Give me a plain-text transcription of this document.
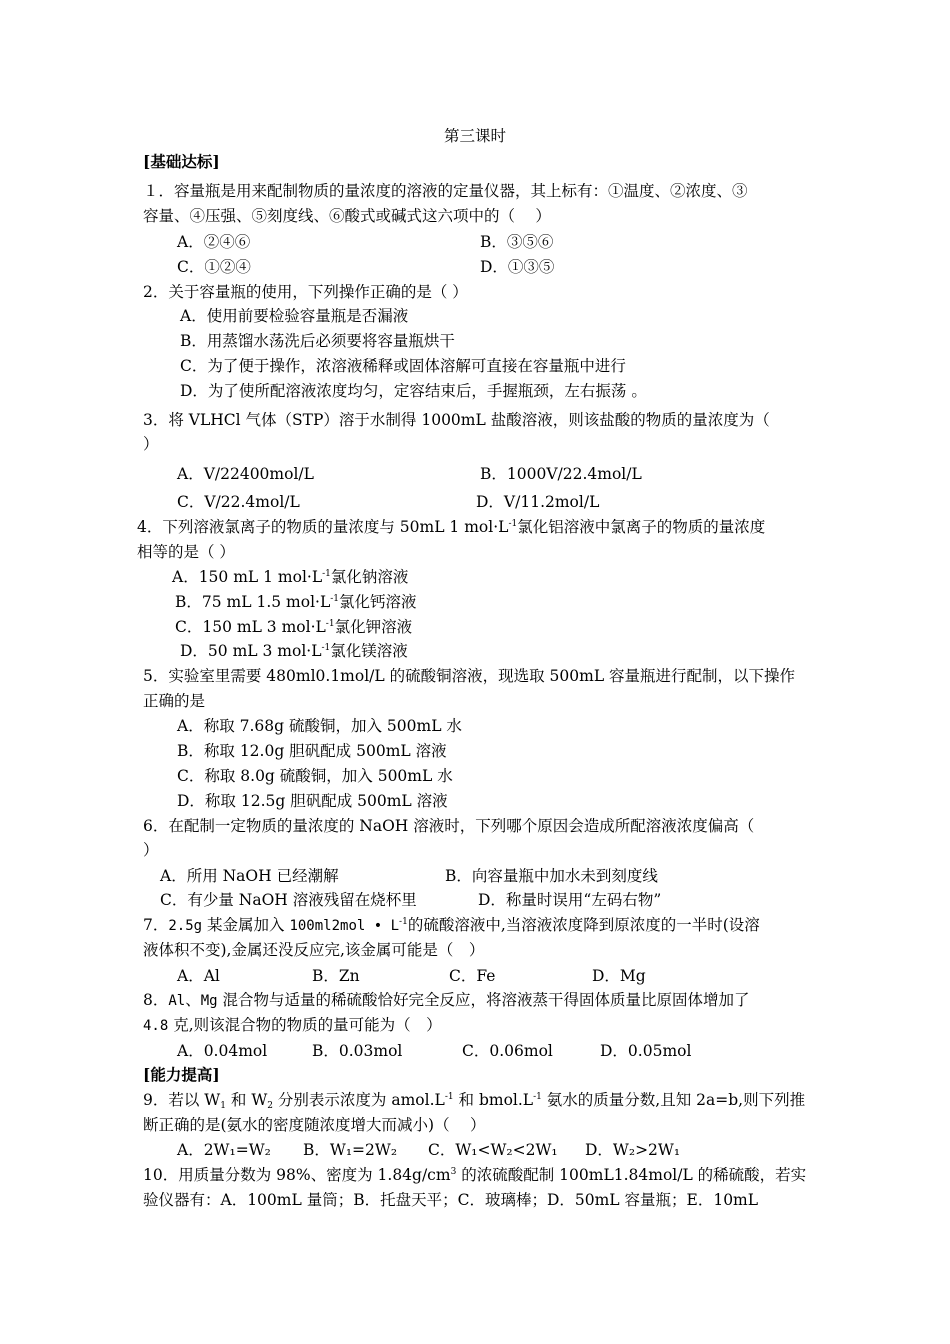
第三课时
[基础达标]
１．容量瓶是用来配制物质的量浓度的溶液的定量仪器，其上标有：①温度、②浓度、③
容量、④压强、⑤刻度线、⑥酸式或碱式这六项中的（　 ）
A．②④⑥	B．③⑤⑥
C．①②④	D．①③⑤
2．关于容量瓶的使用，下列操作正确的是（ ）
A．使用前要检验容量瓶是否漏液
B．用蒸馏水荡洗后必须要将容量瓶烘干
C．为了便于操作，浓溶液稀释或固体溶解可直接在容量瓶中进行
D．为了使所配溶液浓度均匀，定容结束后，手握瓶颈，左右振荡 。
3．将 VLHCl 气体（STP）溶于水制得 1000mL 盐酸溶液，则该盐酸的物质的量浓度为（
）
A．V/22400mol/L	B．1000V/22.4mol/L
C．V/22.4mol/L	D．V/11.2mol/L
4．下列溶液氯离子的物质的量浓度与 50mL 1 $mol\cdot L^{-1}$氯化铝溶液中氯离子的物质的量浓度
相等的是（ ）
A．150 mL 1 $mol\cdot L^{-1}$氯化钠溶液
B．75 mL 1.5 $mol\cdot L^{-1}$氯化钙溶液
C．150 mL 3 $mol\cdot L^{-1}$氯化钾溶液
D．50 mL 3 $mol\cdot L^{-1}$氯化镁溶液
5．实验室里需要 480ml0.1mol/L 的硫酸铜溶液，现选取 500mL 容量瓶进行配制，以下操作
正确的是
A．称取 7.68g 硫酸铜，加入 500mL 水
B．称取 12.0g 胆矾配成 500mL 溶液
C．称取 8.0g 硫酸铜，加入 500mL 水
D．称取 12.5g 胆矾配成 500mL 溶液
6．在配制一定物质的量浓度的 NaOH 溶液时，下列哪个原因会造成所配溶液浓度偏高（
）
A．所用 NaOH 已经潮解	B．向容量瓶中加水未到刻度线
C．有少量 NaOH 溶液残留在烧杯里	D．称量时误用“左码右物”
7．2.5g 某金属加入 100ml2mol • $L^{-1}$的硫酸溶液中,当溶液浓度降到原浓度的一半时(设溶
液体积不变),金属还没反应完,该金属可能是（　）
A．Al	B．Zn	C．Fe	D．Mg
8．Al、Mg 混合物与适量的稀硫酸恰好完全反应，将溶液蒸干得固体质量比原固体增加了
4.8 克,则该混合物的物质的量可能为（　）
A．0.04mol	B．0.03mol	C．0.06mol	D．0.05mol
[能力提高]
9．若以 $W_1$ 和 $W_2$ 分别表示浓度为 $amol.L^{-1}$ 和 $bmol.L^{-1}$ 氨水的质量分数,且知 2a=b,则下列推
断正确的是(氨水的密度随浓度增大而减小)（　 ）
A．2W₁=W₂ B．W₁=2W₂ C．W₁<W₂<2W₁ D．W₂>2W₁
10．用质量分数为 98%、密度为 $1.84g/cm^3$ 的浓硫酸配制 100mL1.84mol/L 的稀硫酸，若实
验仪器有：A．100mL 量筒；B．托盘天平；C．玻璃棒；D．50mL 容量瓶；E．10mL
